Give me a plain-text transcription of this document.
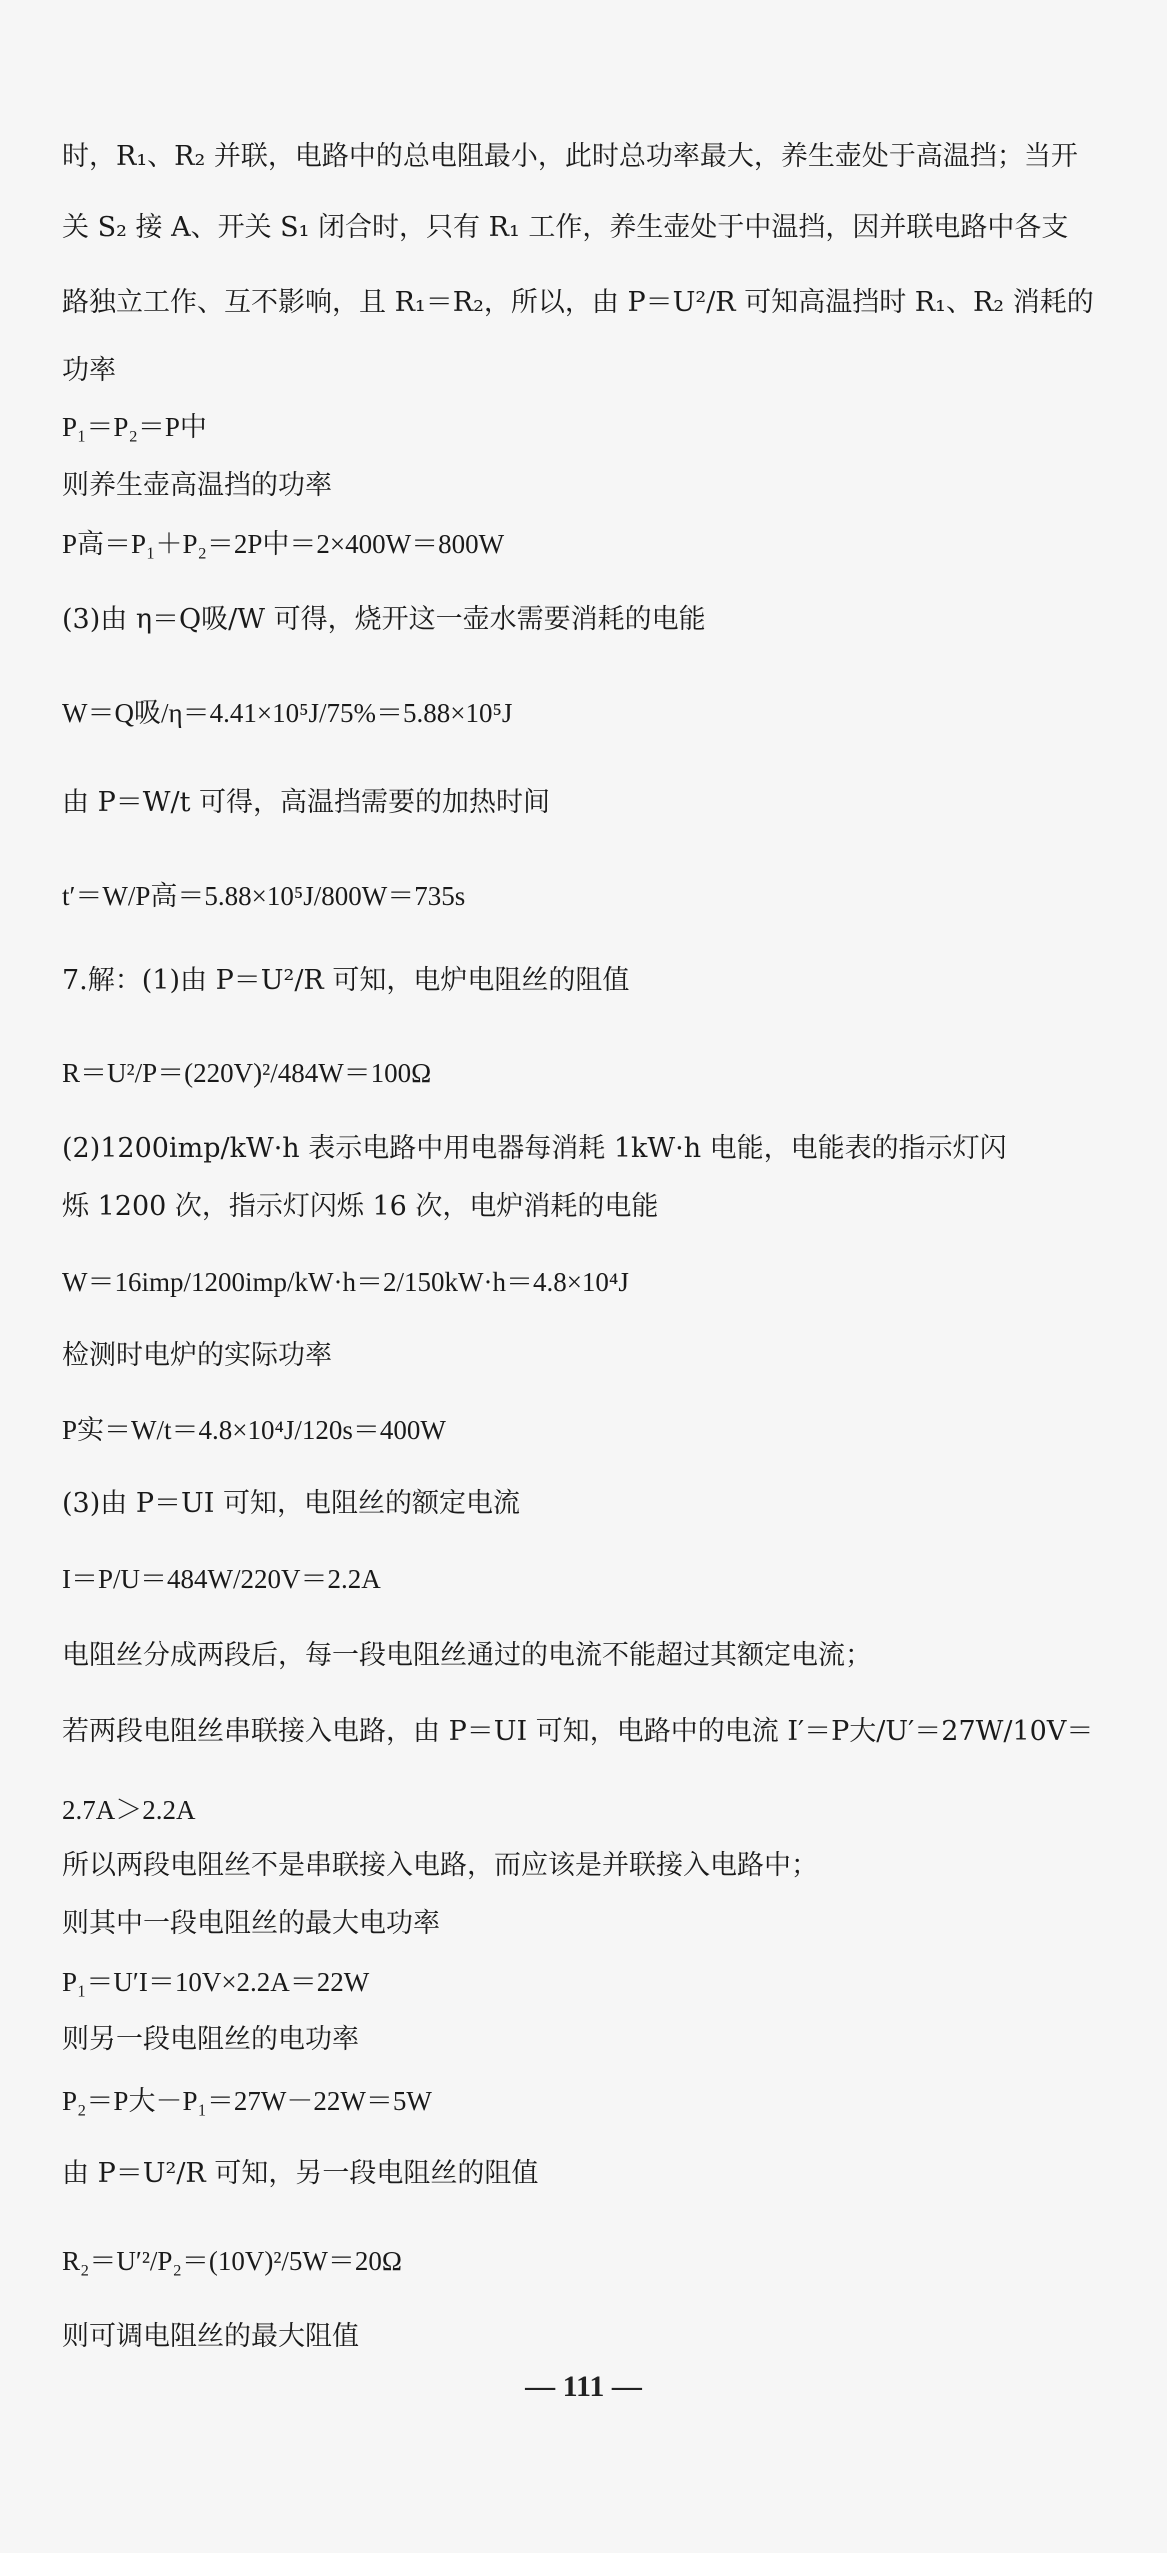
时，R₁、R₂ 并联，电路中的总电阻最小，此时总功率最大，养生壶处于高温挡；当开
关 S₂ 接 A、开关 S₁ 闭合时，只有 R₁ 工作，养生壶处于中温挡，因并联电路中各支
路独立工作、互不影响，且 R₁＝R₂，所以，由 P＝U²/R 可知高温挡时 R₁、R₂ 消耗的
功率
P₁＝P₂＝P中
则养生壶高温挡的功率
P高＝P₁＋P₂＝2P中＝2×400W＝800W
(3)由 η＝Q吸/W 可得，烧开这一壶水需要消耗的电能
W＝Q吸/η＝4.41×10⁵J/75%＝5.88×10⁵J
由 P＝W/t 可得，高温挡需要的加热时间
t′＝W/P高＝5.88×10⁵J/800W＝735s
7.解：(1)由 P＝U²/R 可知，电炉电阻丝的阻值
R＝U²/P＝(220V)²/484W＝100Ω
(2)1200imp/kW·h 表示电路中用电器每消耗 1kW·h 电能，电能表的指示灯闪
烁 1200 次，指示灯闪烁 16 次，电炉消耗的电能
W＝16imp/1200imp/kW·h＝2/150kW·h＝4.8×10⁴J
检测时电炉的实际功率
P实＝W/t＝4.8×10⁴J/120s＝400W
(3)由 P＝UI 可知，电阻丝的额定电流
I＝P/U＝484W/220V＝2.2A
电阻丝分成两段后，每一段电阻丝通过的电流不能超过其额定电流；
若两段电阻丝串联接入电路，由 P＝UI 可知，电路中的电流 I′＝P大/U′＝27W/10V＝
2.7A＞2.2A
所以两段电阻丝不是串联接入电路，而应该是并联接入电路中；
则其中一段电阻丝的最大电功率
P₁＝U′I＝10V×2.2A＝22W
则另一段电阻丝的电功率
P₂＝P大－P₁＝27W－22W＝5W
由 P＝U²/R 可知，另一段电阻丝的阻值
R₂＝U′²/P₂＝(10V)²/5W＝20Ω
则可调电阻丝的最大阻值
— 111 —
